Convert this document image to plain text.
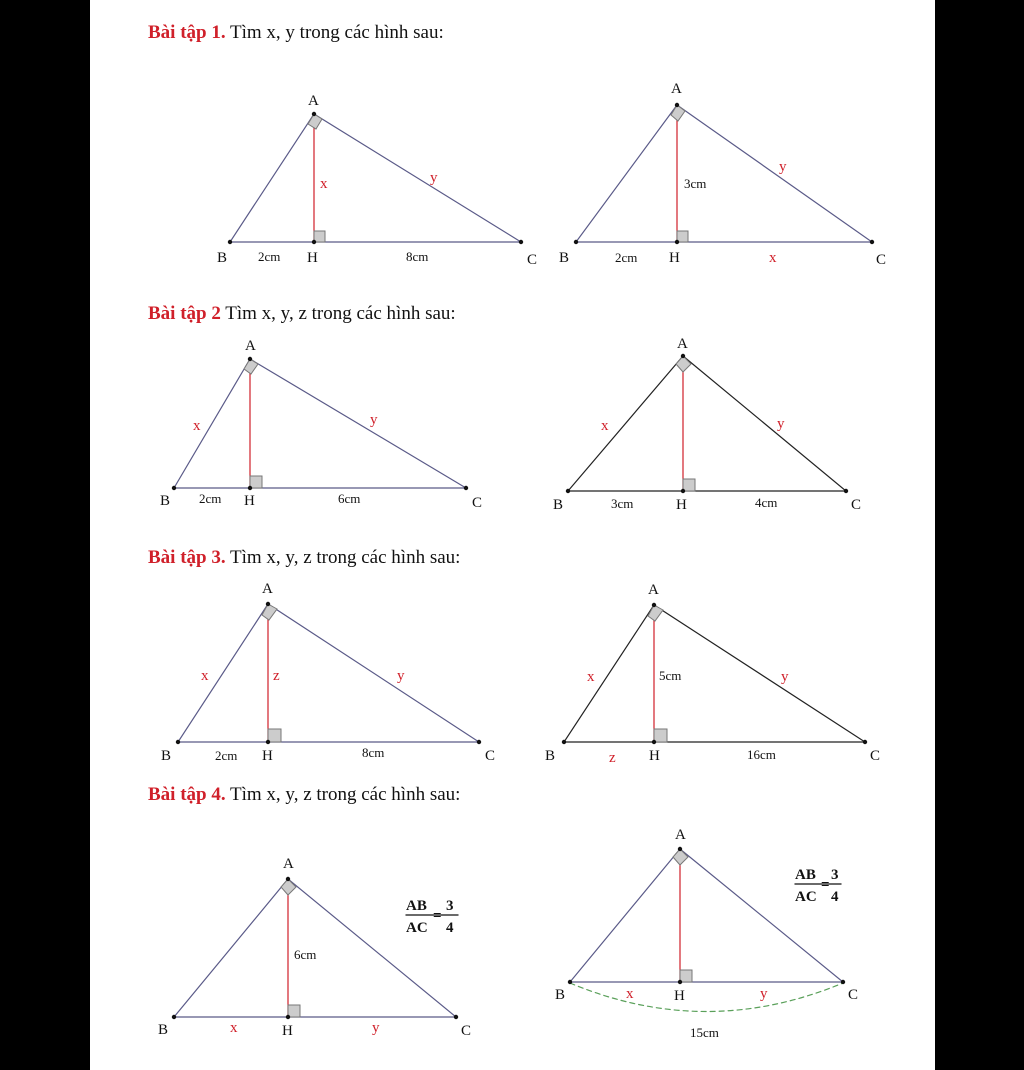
Bài tập 1. Tìm x, y trong các hình sau:
Bài tập 2 Tìm x, y, z trong các hình sau:
Bài tập 3. Tìm x, y, z trong các hình sau:
Bài tập 4. Tìm x, y, z trong các hình sau:
A
B	C
H
2cm	8cm
x	y
A
B	C
H
2cm
3cm
y
x
A
B	C
H
x	y
2cm	6cm
A
B	C
H
x	y
3cm	4cm
A
B	C
H
x	z	y
2cm	8cm
A
B	C
H
x	5cm	y
z	16cm
A
B	C
H
6cm
x	y
AB
AC
=
3
4
A
B	C
H
x	y
15cm
AB
AC
=
3
4
